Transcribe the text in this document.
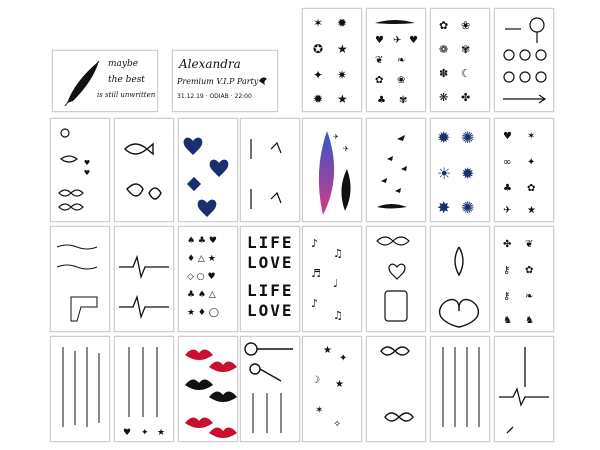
maybe
the best
is still unwritten
Alexandra
Premium V.I.P Party
31.12.19 · ODIAB · 22:00
✶ ✹
✪ ★
✦ ✷
✹ ★
♥ ✈ ♥
❦ ❧
✿ ❀
♣ ✾
✿ ❀
❁ ✾
✽ ☾
❋ ✤
♥ ♥
✈
✈
✹ ✺
☀ ✹
✸ ✺
♥ ✶
∞ ✦
♣ ✿
✈ ★
♠ ♣ ♥
♦ △ ★
◇ ○ ♥
♣ ♠ △
★ ♦ ◯
LIFE
LOVE
LIFE
LOVE
♪
♫
♬
♩
♪
♫
✤ ❦
⚷ ✿
⚷ ❧
♞ ♞
♥ ✦ ★
★
✦
☽ ★
✶
✧
